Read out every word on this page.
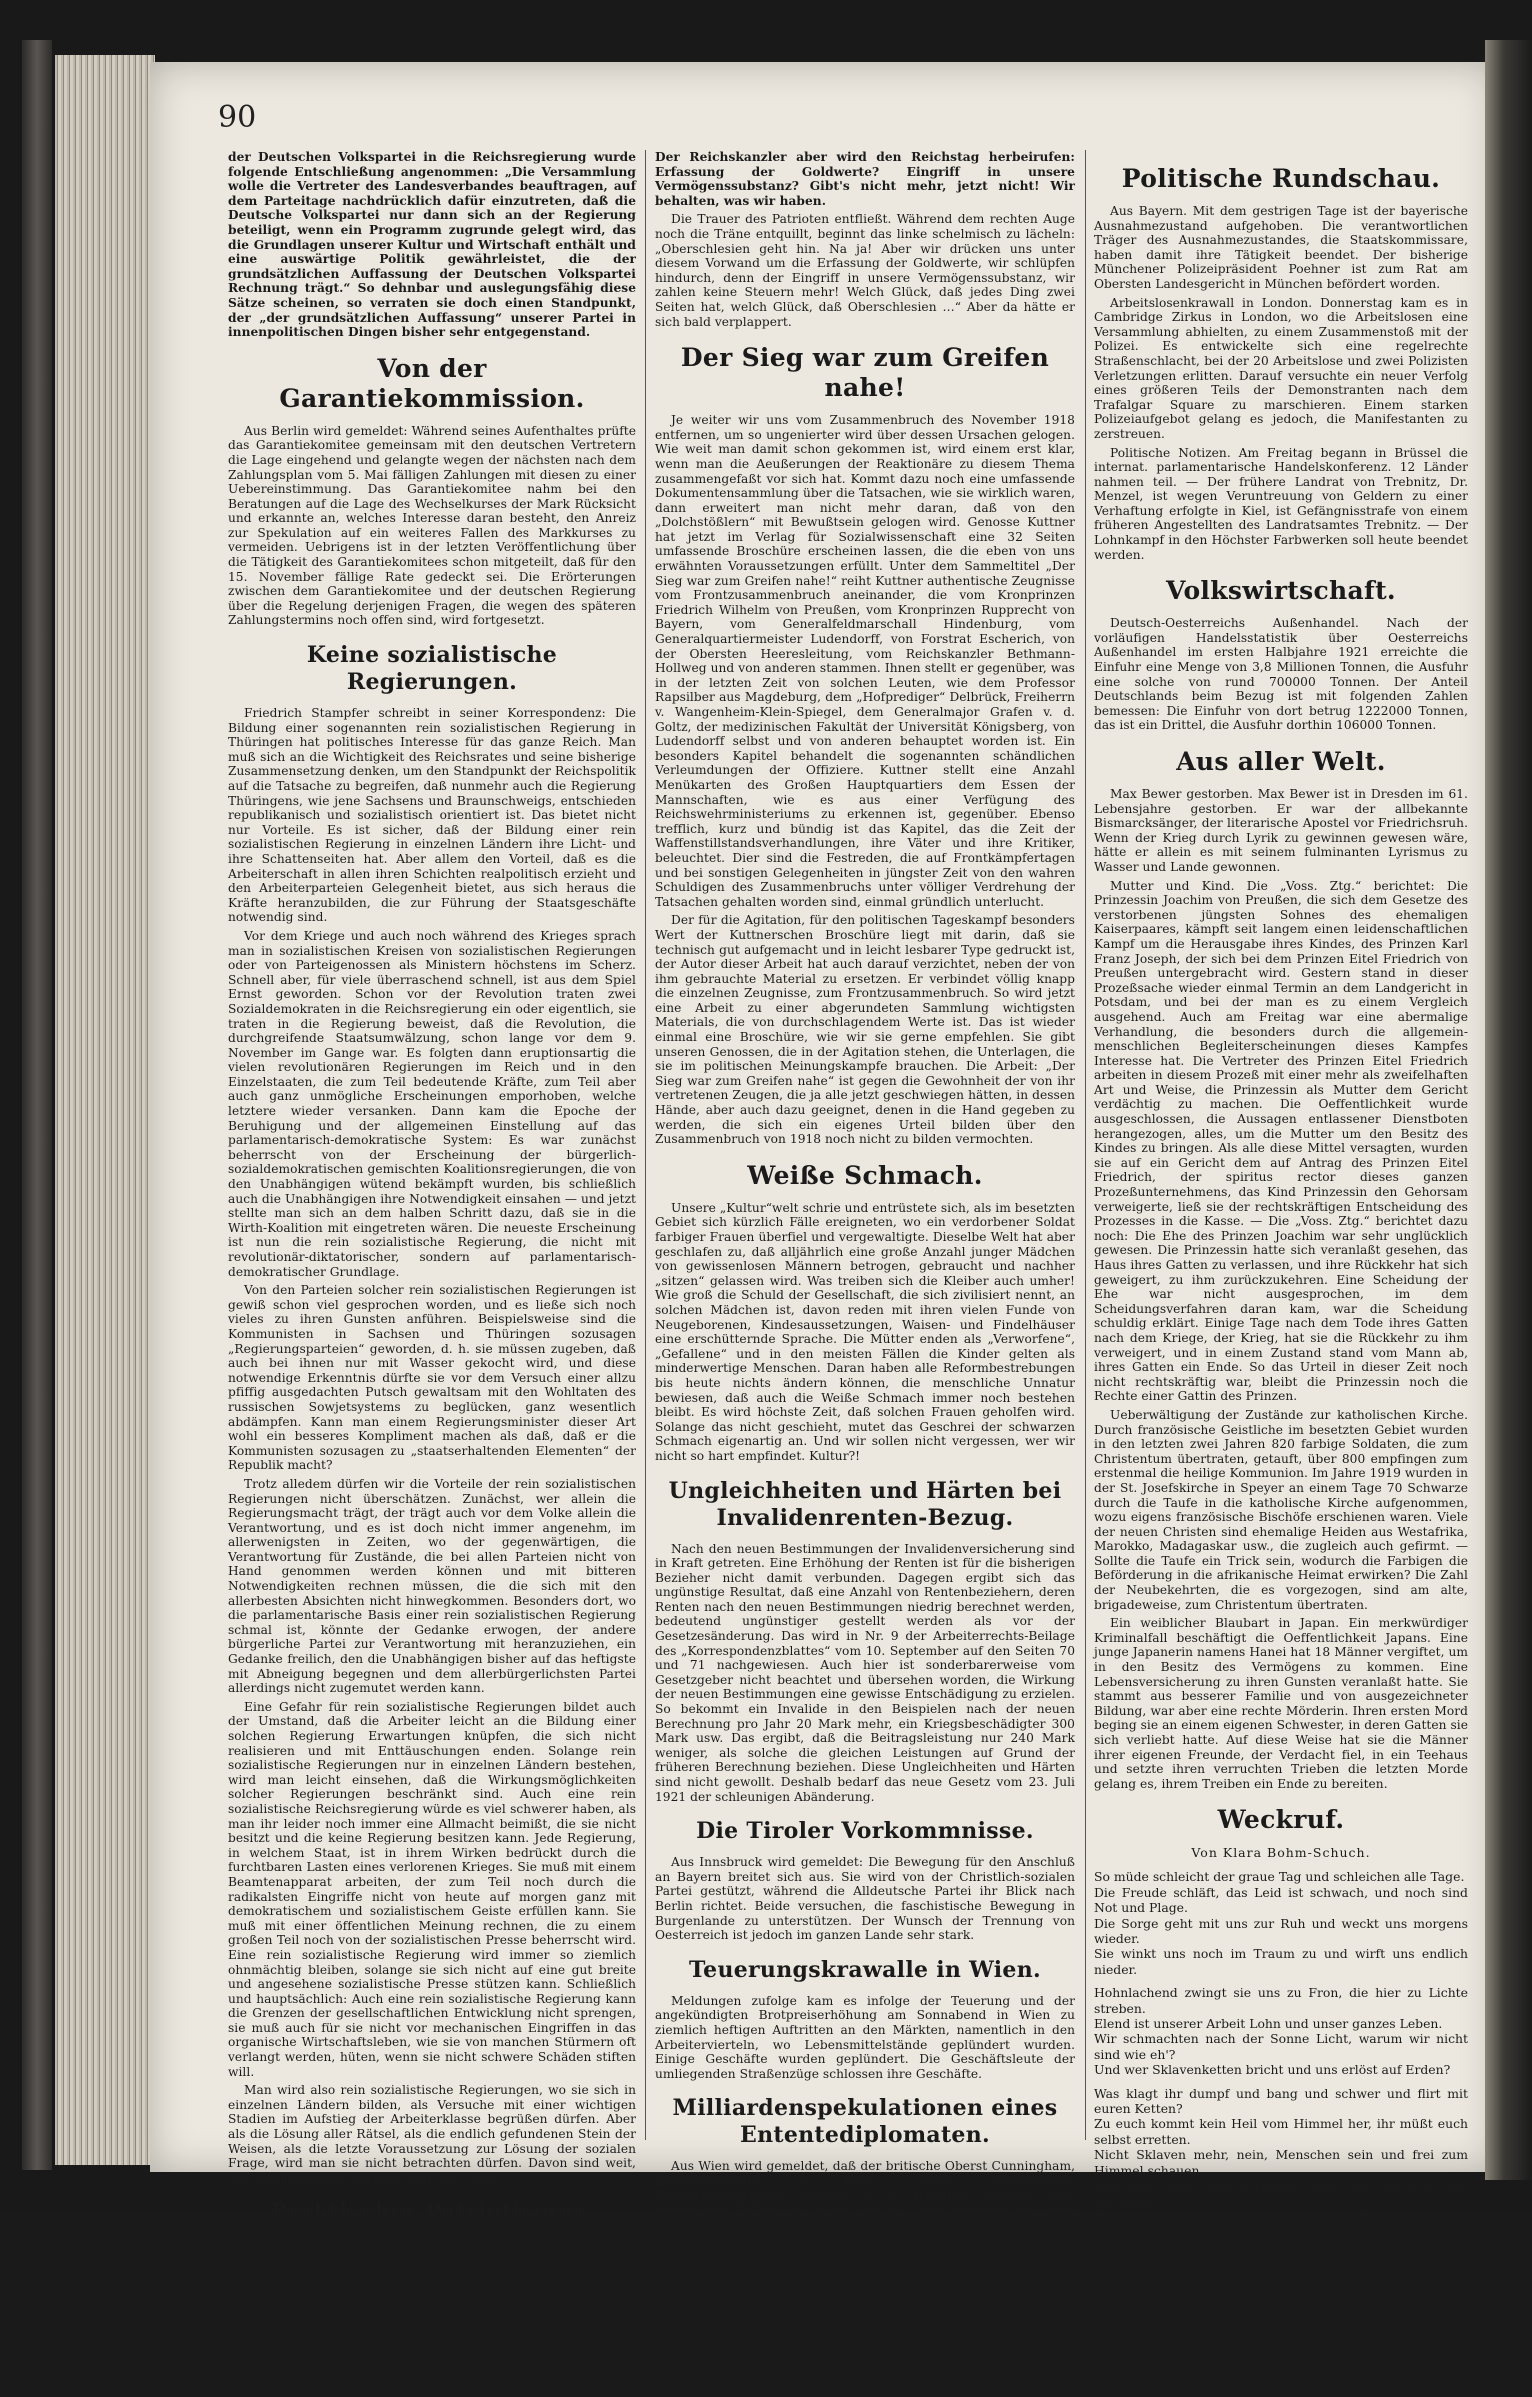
90

der Deutschen Volkspartei in die Reichsregierung wurde folgende Entschließung angenommen: „Die Versammlung wolle die Vertreter des Landesverbandes beauftragen, auf dem Parteitage nachdrücklich dafür einzutreten, daß die Deutsche Volkspartei nur dann sich an der Regierung beteiligt, wenn ein Programm zugrunde gelegt wird, das die Grundlagen unserer Kultur und Wirtschaft enthält und eine auswärtige Politik gewährleistet, die der grundsätzlichen Auffassung der Deutschen Volkspartei Rechnung trägt.“ So dehnbar und auslegungsfähig diese Sätze scheinen, so verraten sie doch einen Standpunkt, der „der grundsätzlichen Auffassung“ unserer Partei in innenpolitischen Dingen bisher sehr entgegenstand.

Von der Garantiekommission.

Aus Berlin wird gemeldet: Während seines Aufenthaltes prüfte das Garantiekomitee gemeinsam mit den deutschen Vertretern die Lage eingehend und gelangte wegen der nächsten nach dem Zahlungsplan vom 5. Mai fälligen Zahlungen mit diesen zu einer Uebereinstimmung. Das Garantiekomitee nahm bei den Beratungen auf die Lage des Wechselkurses der Mark Rücksicht und erkannte an, welches Interesse daran besteht, den Anreiz zur Spekulation auf ein weiteres Fallen des Markkurses zu vermeiden. Uebrigens ist in der letzten Veröffentlichung über die Tätigkeit des Garantiekomitees schon mitgeteilt, daß für den 15. November fällige Rate gedeckt sei. Die Erörterungen zwischen dem Garantiekomitee und der deutschen Regierung über die Regelung derjenigen Fragen, die wegen des späteren Zahlungstermins noch offen sind, wird fortgesetzt.

Keine sozialistische Regierungen.

Friedrich Stampfer schreibt in seiner Korrespondenz: Die Bildung einer sogenannten rein sozialistischen Regierung in Thüringen hat politisches Interesse für das ganze Reich. Man muß sich an die Wichtigkeit des Reichsrates und seine bisherige Zusammensetzung denken, um den Standpunkt der Reichspolitik auf die Tatsache zu begreifen, daß nunmehr auch die Regierung Thüringens, wie jene Sachsens und Braunschweigs, entschieden republikanisch und sozialistisch orientiert ist. Das bietet nicht nur Vorteile. Es ist sicher, daß der Bildung einer rein sozialistischen Regierung in einzelnen Ländern ihre Licht- und ihre Schattenseiten hat. Aber allem den Vorteil, daß es die Arbeiterschaft in allen ihren Schichten realpolitisch erzieht und den Arbeiterparteien Gelegenheit bietet, aus sich heraus die Kräfte heranzubilden, die zur Führung der Staatsgeschäfte notwendig sind.

Vor dem Kriege und auch noch während des Krieges sprach man in sozialistischen Kreisen von sozialistischen Regierungen oder von Parteigenossen als Ministern höchstens im Scherz. Schnell aber, für viele überraschend schnell, ist aus dem Spiel Ernst geworden. Schon vor der Revolution traten zwei Sozialdemokraten in die Reichsregierung ein oder eigentlich, sie traten in die Regierung beweist, daß die Revolution, die durchgreifende Staatsumwälzung, schon lange vor dem 9. November im Gange war. Es folgten dann eruptionsartig die vielen revolutionären Regierungen im Reich und in den Einzelstaaten, die zum Teil bedeutende Kräfte, zum Teil aber auch ganz unmögliche Erscheinungen emporhoben, welche letztere wieder versanken. Dann kam die Epoche der Beruhigung und der allgemeinen Einstellung auf das parlamentarisch-demokratische System: Es war zunächst beherrscht von der Erscheinung der bürgerlich-sozialdemokratischen gemischten Koalitionsregierungen, die von den Unabhängigen wütend bekämpft wurden, bis schließlich auch die Unabhängigen ihre Notwendigkeit einsahen — und jetzt stellte man sich an dem halben Schritt dazu, daß sie in die Wirth-Koalition mit eingetreten wären. Die neueste Erscheinung ist nun die rein sozialistische Regierung, die nicht mit revolutionär-diktatorischer, sondern auf parlamentarisch-demokratischer Grundlage.

Von den Parteien solcher rein sozialistischen Regierungen ist gewiß schon viel gesprochen worden, und es ließe sich noch vieles zu ihren Gunsten anführen. Beispielsweise sind die Kommunisten in Sachsen und Thüringen sozusagen „Regierungsparteien“ geworden, d. h. sie müssen zugeben, daß auch bei ihnen nur mit Wasser gekocht wird, und diese notwendige Erkenntnis dürfte sie vor dem Versuch einer allzu pfiffig ausgedachten Putsch gewaltsam mit den Wohltaten des russischen Sowjetsystems zu beglücken, ganz wesentlich abdämpfen. Kann man einem Regierungsminister dieser Art wohl ein besseres Kompliment machen als daß, daß er die Kommunisten sozusagen zu „staatserhaltenden Elementen“ der Republik macht?

Trotz alledem dürfen wir die Vorteile der rein sozialistischen Regierungen nicht überschätzen. Zunächst, wer allein die Regierungsmacht trägt, der trägt auch vor dem Volke allein die Verantwortung, und es ist doch nicht immer angenehm, im allerwenigsten in Zeiten, wo der gegenwärtigen, die Verantwortung für Zustände, die bei allen Parteien nicht von Hand genommen werden können und mit bitteren Notwendigkeiten rechnen müssen, die die sich mit den allerbesten Absichten nicht hinwegkommen. Besonders dort, wo die parlamentarische Basis einer rein sozialistischen Regierung schmal ist, könnte der Gedanke erwogen, der andere bürgerliche Partei zur Verantwortung mit heranzuziehen, ein Gedanke freilich, den die Unabhängigen bisher auf das heftigste mit Abneigung begegnen und dem allerbürgerlichsten Partei allerdings nicht zugemutet werden kann.

Eine Gefahr für rein sozialistische Regierungen bildet auch der Umstand, daß die Arbeiter leicht an die Bildung einer solchen Regierung Erwartungen knüpfen, die sich nicht realisieren und mit Enttäuschungen enden. Solange rein sozialistische Regierungen nur in einzelnen Ländern bestehen, wird man leicht einsehen, daß die Wirkungsmöglichkeiten solcher Regierungen beschränkt sind. Auch eine rein sozialistische Reichsregierung würde es viel schwerer haben, als man ihr leider noch immer eine Allmacht beimißt, die sie nicht besitzt und die keine Regierung besitzen kann. Jede Regierung, in welchem Staat, ist in ihrem Wirken bedrückt durch die furchtbaren Lasten eines verlorenen Krieges. Sie muß mit einem Beamtenapparat arbeiten, der zum Teil noch durch die radikalsten Eingriffe nicht von heute auf morgen ganz mit demokratischem und sozialistischem Geiste erfüllen kann. Sie muß mit einer öffentlichen Meinung rechnen, die zu einem großen Teil noch von der sozialistischen Presse beherrscht wird. Eine rein sozialistische Regierung wird immer so ziemlich ohnmächtig bleiben, solange sie sich nicht auf eine gut breite und angesehene sozialistische Presse stützen kann. Schließlich und hauptsächlich: Auch eine rein sozialistische Regierung kann die Grenzen der gesellschaftlichen Entwicklung nicht sprengen, sie muß auch für sie nicht vor mechanischen Eingriffen in das organische Wirtschaftsleben, wie sie von manchen Stürmern oft verlangt werden, hüten, wenn sie nicht schwere Schäden stiften will.

Man wird also rein sozialistische Regierungen, wo sie sich in einzelnen Ländern bilden, als Versuche mit einer wichtigen Stadien im Aufstieg der Arbeiterklasse begrüßen dürfen. Aber als die Lösung aller Rätsel, als die endlich gefundenen Stein der Weisen, als die letzte Voraussetzung zur Lösung der sozialen Frage, wird man sie nicht betrachten dürfen. Davon sind weit, und alle Illusionen hierüber sind von Uebel.

Praktischer Patriotismus.

Für den echten nationalen Mann ist die gute Gesinnung allein nicht, er wird auch für gute Gesinnung Taten leisten. Wirklicher Patriot ist, wer in allen Lebenslagen an sich selbst denkt, denn nämlich geht es ohne die Gesamtheit — der nicht einmal um die nützliche Glied der Gesamtheit ist. Was er besitzt, hat er nicht für sich — der Vaterlandes; er trägt mit an den Lasten des Vaterlandes. Wer diesen Besitz ist auch die Lebensgrundlage unseres Vaterlandes, das ist ein Zeil verloren. Darüber hat der Patriot pflichtschuldigst zu trauern. Aber ist nicht am Ende was bei der brillante Gelegenheit erfasst: „Deutsche Zeitung“ hat sofort die

Der Reichskanzler aber wird den Reichstag herbeirufen: Erfassung der Goldwerte? Eingriff in unsere Vermögenssubstanz? Gibt's nicht mehr, jetzt nicht! Wir behalten, was wir haben.

Die Trauer des Patrioten entfließt. Während dem rechten Auge noch die Träne entquillt, beginnt das linke schelmisch zu lächeln: „Oberschlesien geht hin. Na ja! Aber wir drücken uns unter diesem Vorwand um die Erfassung der Goldwerte, wir schlüpfen hindurch, denn der Eingriff in unsere Vermögenssubstanz, wir zahlen keine Steuern mehr! Welch Glück, daß jedes Ding zwei Seiten hat, welch Glück, daß Oberschlesien …“ Aber da hätte er sich bald verplappert.

Der Sieg war zum Greifen nahe!

Je weiter wir uns vom Zusammenbruch des November 1918 entfernen, um so ungenierter wird über dessen Ursachen gelogen. Wie weit man damit schon gekommen ist, wird einem erst klar, wenn man die Aeußerungen der Reaktionäre zu diesem Thema zusammengefaßt vor sich hat. Kommt dazu noch eine umfassende Dokumentensammlung über die Tatsachen, wie sie wirklich waren, dann erweitert man nicht mehr daran, daß von den „Dolchstößlern“ mit Bewußtsein gelogen wird. Genosse Kuttner hat jetzt im Verlag für Sozialwissenschaft eine 32 Seiten umfassende Broschüre erscheinen lassen, die die eben von uns erwähnten Voraussetzungen erfüllt. Unter dem Sammeltitel „Der Sieg war zum Greifen nahe!“ reiht Kuttner authentische Zeugnisse vom Frontzusammenbruch aneinander, die vom Kronprinzen Friedrich Wilhelm von Preußen, vom Kronprinzen Rupprecht von Bayern, vom Generalfeldmarschall Hindenburg, vom Generalquartiermeister Ludendorff, von Forstrat Escherich, von der Obersten Heeresleitung, vom Reichskanzler Bethmann-Hollweg und von anderen stammen. Ihnen stellt er gegenüber, was in der letzten Zeit von solchen Leuten, wie dem Professor Rapsilber aus Magdeburg, dem „Hofprediger“ Delbrück, Freiherrn v. Wangenheim-Klein-Spiegel, dem Generalmajor Grafen v. d. Goltz, der medizinischen Fakultät der Universität Königsberg, von Ludendorff selbst und von anderen behauptet worden ist. Ein besonders Kapitel behandelt die sogenannten schändlichen Verleumdungen der Offiziere. Kuttner stellt eine Anzahl Menükarten des Großen Hauptquartiers dem Essen der Mannschaften, wie es aus einer Verfügung des Reichswehrministeriums zu erkennen ist, gegenüber. Ebenso trefflich, kurz und bündig ist das Kapitel, das die Zeit der Waffenstillstandsverhandlungen, ihre Väter und ihre Kritiker, beleuchtet. Dier sind die Festreden, die auf Frontkämpfertagen und bei sonstigen Gelegenheiten in jüngster Zeit von den wahren Schuldigen des Zusammenbruchs unter völliger Verdrehung der Tatsachen gehalten worden sind, einmal gründlich unterlucht.

Der für die Agitation, für den politischen Tageskampf besonders Wert der Kuttnerschen Broschüre liegt mit darin, daß sie technisch gut aufgemacht und in leicht lesbarer Type gedruckt ist, der Autor dieser Arbeit hat auch darauf verzichtet, neben der von ihm gebrauchte Material zu ersetzen. Er verbindet völlig knapp die einzelnen Zeugnisse, zum Frontzusammenbruch. So wird jetzt eine Arbeit zu einer abgerundeten Sammlung wichtigsten Materials, die von durchschlagendem Werte ist. Das ist wieder einmal eine Broschüre, wie wir sie gerne empfehlen. Sie gibt unseren Genossen, die in der Agitation stehen, die Unterlagen, die sie im politischen Meinungskampfe brauchen. Die Arbeit: „Der Sieg war zum Greifen nahe“ ist gegen die Gewohnheit der von ihr vertretenen Zeugen, die ja alle jetzt geschwiegen hätten, in dessen Hände, aber auch dazu geeignet, denen in die Hand gegeben zu werden, die sich ein eigenes Urteil bilden über den Zusammenbruch von 1918 noch nicht zu bilden vermochten.

Weiße Schmach.

Unsere „Kultur“welt schrie und entrüstete sich, als im besetzten Gebiet sich kürzlich Fälle ereigneten, wo ein verdorbener Soldat farbiger Frauen überfiel und vergewaltigte. Dieselbe Welt hat aber geschlafen zu, daß alljährlich eine große Anzahl junger Mädchen von gewissenlosen Männern betrogen, gebraucht und nachher „sitzen“ gelassen wird. Was treiben sich die Kleiber auch umher! Wie groß die Schuld der Gesellschaft, die sich zivilisiert nennt, an solchen Mädchen ist, davon reden mit ihren vielen Funde von Neugeborenen, Kindesaussetzungen, Waisen- und Findelhäuser eine erschütternde Sprache. Die Mütter enden als „Verworfene“, „Gefallene“ und in den meisten Fällen die Kinder gelten als minderwertige Menschen. Daran haben alle Reformbestrebungen bis heute nichts ändern können, die menschliche Unnatur bewiesen, daß auch die Weiße Schmach immer noch bestehen bleibt. Es wird höchste Zeit, daß solchen Frauen geholfen wird. Solange das nicht geschieht, mutet das Geschrei der schwarzen Schmach eigenartig an. Und wir sollen nicht vergessen, wer wir nicht so hart empfindet. Kultur?!

Ungleichheiten und Härten bei Invalidenrenten-Bezug.

Nach den neuen Bestimmungen der Invalidenversicherung sind in Kraft getreten. Eine Erhöhung der Renten ist für die bisherigen Bezieher nicht damit verbunden. Dagegen ergibt sich das ungünstige Resultat, daß eine Anzahl von Rentenbeziehern, deren Renten nach den neuen Bestimmungen niedrig berechnet werden, bedeutend ungünstiger gestellt werden als vor der Gesetzesänderung. Das wird in Nr. 9 der Arbeiterrechts-Beilage des „Korrespondenzblattes“ vom 10. September auf den Seiten 70 und 71 nachgewiesen. Auch hier ist sonderbarerweise vom Gesetzgeber nicht beachtet und übersehen worden, die Wirkung der neuen Bestimmungen eine gewisse Entschädigung zu erzielen. So bekommt ein Invalide in den Beispielen nach der neuen Berechnung pro Jahr 20 Mark mehr, ein Kriegsbeschädigter 300 Mark usw. Das ergibt, daß die Beitragsleistung nur 240 Mark weniger, als solche die gleichen Leistungen auf Grund der früheren Berechnung beziehen. Diese Ungleichheiten und Härten sind nicht gewollt. Deshalb bedarf das neue Gesetz vom 23. Juli 1921 der schleunigen Abänderung.

Die Tiroler Vorkommnisse.

Aus Innsbruck wird gemeldet: Die Bewegung für den Anschluß an Bayern breitet sich aus. Sie wird von der Christlich-sozialen Partei gestützt, während die Alldeutsche Partei ihr Blick nach Berlin richtet. Beide versuchen, die faschistische Bewegung in Burgenlande zu unterstützen. Der Wunsch der Trennung von Oesterreich ist jedoch im ganzen Lande sehr stark.

Teuerungskrawalle in Wien.

Meldungen zufolge kam es infolge der Teuerung und der angekündigten Brotpreiserhöhung am Sonnabend in Wien zu ziemlich heftigen Auftritten an den Märkten, namentlich in den Arbeitervierteln, wo Lebensmittelstände geplündert wurden. Einige Geschäfte wurden geplündert. Die Geschäftsleute der umliegenden Straßenzüge schlossen ihre Geschäfte.

Milliardenspekulationen eines Ententediplomaten.

Aus Wien wird gemeldet, daß der britische Oberst Cunningham, Ententevertreter in Wien, durch umfangreiche Baissespekulationen, namentlich in fremden Valuten, sehr bedeutende Differenzen habe, die auf viele hunderte Millionen geschätzt werden. Cunningham ist nach dem WTB. in Wiener politischen und gesellschaftlichen Kreisen bisher bekannt worden, er erfreute sich dort hohen Ansehens, zumal er sich besonders durch die Mitwirkung an der Erleichterung ihrer Lage erworben.

Politische Rundschau.

Aus Bayern. Mit dem gestrigen Tage ist der bayerische Ausnahmezustand aufgehoben. Die verantwortlichen Träger des Ausnahmezustandes, die Staatskommissare, haben damit ihre Tätigkeit beendet. Der bisherige Münchener Polizeipräsident Poehner ist zum Rat am Obersten Landesgericht in München befördert worden.

Arbeitslosenkrawall in London. Donnerstag kam es in Cambridge Zirkus in London, wo die Arbeitslosen eine Versammlung abhielten, zu einem Zusammenstoß mit der Polizei. Es entwickelte sich eine regelrechte Straßenschlacht, bei der 20 Arbeitslose und zwei Polizisten Verletzungen erlitten. Darauf versuchte ein neuer Verfolg eines größeren Teils der Demonstranten nach dem Trafalgar Square zu marschieren. Einem starken Polizeiaufgebot gelang es jedoch, die Manifestanten zu zerstreuen.

Politische Notizen. Am Freitag begann in Brüssel die internat. parlamentarische Handelskonferenz. 12 Länder nahmen teil. — Der frühere Landrat von Trebnitz, Dr. Menzel, ist wegen Veruntreuung von Geldern zu einer Verhaftung erfolgte in Kiel, ist Gefängnisstrafe von einem früheren Angestellten des Landratsamtes Trebnitz. — Der Lohnkampf in den Höchster Farbwerken soll heute beendet werden.

Volkswirtschaft.

Deutsch-Oesterreichs Außenhandel. Nach der vorläufigen Handelsstatistik über Oesterreichs Außenhandel im ersten Halbjahre 1921 erreichte die Einfuhr eine Menge von 3,8 Millionen Tonnen, die Ausfuhr eine solche von rund 700000 Tonnen. Der Anteil Deutschlands beim Bezug ist mit folgenden Zahlen bemessen: Die Einfuhr von dort betrug 1222000 Tonnen, das ist ein Drittel, die Ausfuhr dorthin 106000 Tonnen.

Aus aller Welt.

Max Bewer gestorben. Max Bewer ist in Dresden im 61. Lebensjahre gestorben. Er war der allbekannte Bismarcksänger, der literarische Apostel vor Friedrichsruh. Wenn der Krieg durch Lyrik zu gewinnen gewesen wäre, hätte er allein es mit seinem fulminanten Lyrismus zu Wasser und Lande gewonnen.

Mutter und Kind. Die „Voss. Ztg.“ berichtet: Die Prinzessin Joachim von Preußen, die sich dem Gesetze des verstorbenen jüngsten Sohnes des ehemaligen Kaiserpaares, kämpft seit langem einen leidenschaftlichen Kampf um die Herausgabe ihres Kindes, des Prinzen Karl Franz Joseph, der sich bei dem Prinzen Eitel Friedrich von Preußen untergebracht wird. Gestern stand in dieser Prozeßsache wieder einmal Termin an dem Landgericht in Potsdam, und bei der man es zu einem Vergleich ausgehend. Auch am Freitag war eine abermalige Verhandlung, die besonders durch die allgemein-menschlichen Begleiterscheinungen dieses Kampfes Interesse hat. Die Vertreter des Prinzen Eitel Friedrich arbeiten in diesem Prozeß mit einer mehr als zweifelhaften Art und Weise, die Prinzessin als Mutter dem Gericht verdächtig zu machen. Die Oeffentlichkeit wurde ausgeschlossen, die Aussagen entlassener Dienstboten herangezogen, alles, um die Mutter um den Besitz des Kindes zu bringen. Als alle diese Mittel versagten, wurden sie auf ein Gericht dem auf Antrag des Prinzen Eitel Friedrich, der spiritus rector dieses ganzen Prozeßunternehmens, das Kind Prinzessin den Gehorsam verweigerte, ließ sie der rechtskräftigen Entscheidung des Prozesses in die Kasse. — Die „Voss. Ztg.“ berichtet dazu noch: Die Ehe des Prinzen Joachim war sehr unglücklich gewesen. Die Prinzessin hatte sich veranlaßt gesehen, das Haus ihres Gatten zu verlassen, und ihre Rückkehr hat sich geweigert, zu ihm zurückzukehren. Eine Scheidung der Ehe war nicht ausgesprochen, im dem Scheidungsverfahren daran kam, war die Scheidung schuldig erklärt. Einige Tage nach dem Tode ihres Gatten nach dem Kriege, der Krieg, hat sie die Rückkehr zu ihm verweigert, und in einem Zustand stand vom Mann ab, ihres Gatten ein Ende. So das Urteil in dieser Zeit noch nicht rechtskräftig war, bleibt die Prinzessin noch die Rechte einer Gattin des Prinzen.

Ueberwältigung der Zustände zur katholischen Kirche. Durch französische Geistliche im besetzten Gebiet wurden in den letzten zwei Jahren 820 farbige Soldaten, die zum Christentum übertraten, getauft, über 800 empfingen zum erstenmal die heilige Kommunion. Im Jahre 1919 wurden in der St. Josefskirche in Speyer an einem Tage 70 Schwarze durch die Taufe in die katholische Kirche aufgenommen, wozu eigens französische Bischöfe erschienen waren. Viele der neuen Christen sind ehemalige Heiden aus Westafrika, Marokko, Madagaskar usw., die zugleich auch gefirmt. — Sollte die Taufe ein Trick sein, wodurch die Farbigen die Beförderung in die afrikanische Heimat erwirken? Die Zahl der Neubekehrten, die es vorgezogen, sind am alte, brigadeweise, zum Christentum übertraten.

Ein weiblicher Blaubart in Japan. Ein merkwürdiger Kriminalfall beschäftigt die Oeffentlichkeit Japans. Eine junge Japanerin namens Hanei hat 18 Männer vergiftet, um in den Besitz des Vermögens zu kommen. Eine Lebensversicherung zu ihren Gunsten veranlaßt hatte. Sie stammt aus besserer Familie und von ausgezeichneter Bildung, war aber eine rechte Mörderin. Ihren ersten Mord beging sie an einem eigenen Schwester, in deren Gatten sie sich verliebt hatte. Auf diese Weise hat sie die Männer ihrer eigenen Freunde, der Verdacht fiel, in ein Teehaus und setzte ihren verruchten Trieben die letzten Morde gelang es, ihrem Treiben ein Ende zu bereiten.

Weckruf.
Von Klara Bohm-Schuch.
So müde schleicht der graue Tag und schleichen alle Tage.
Die Freude schläft, das Leid ist schwach, und noch sind Not und Plage.
Die Sorge geht mit uns zur Ruh und weckt uns morgens wieder.
Sie winkt uns noch im Traum zu und wirft uns endlich nieder.
Hohnlachend zwingt sie uns zu Fron, die hier zu Lichte streben.
Elend ist unserer Arbeit Lohn und unser ganzes Leben.
Wir schmachten nach der Sonne Licht, warum wir nicht sind wie eh'?
Und wer Sklavenketten bricht und uns erlöst auf Erden?
Was klagt ihr dumpf und bang und schwer und flirt mit euren Ketten?
Zu euch kommt kein Heil vom Himmel her, ihr müßt euch selbst erretten.
Nicht Sklaven mehr, nein, Menschen sein und frei zum Himmel schauen.
Und eine neue Welt errichten ganz neu im Licht des Vertrauen.
Für alle blüht der Sonnenschein, für alle blüh'n die Auen.
Nur wollen müßt ihr, stolz und hart und euch nicht verlieren.
Einstehen müßt ihr mit Mark und mit Herz den Pfad zu gehen.
Erwacht aus eurem Elends Not und brecht vereint die Ketten.
Euch hilft kein Himmel und kein Gott, ihr müßt euch selbst erretten.
